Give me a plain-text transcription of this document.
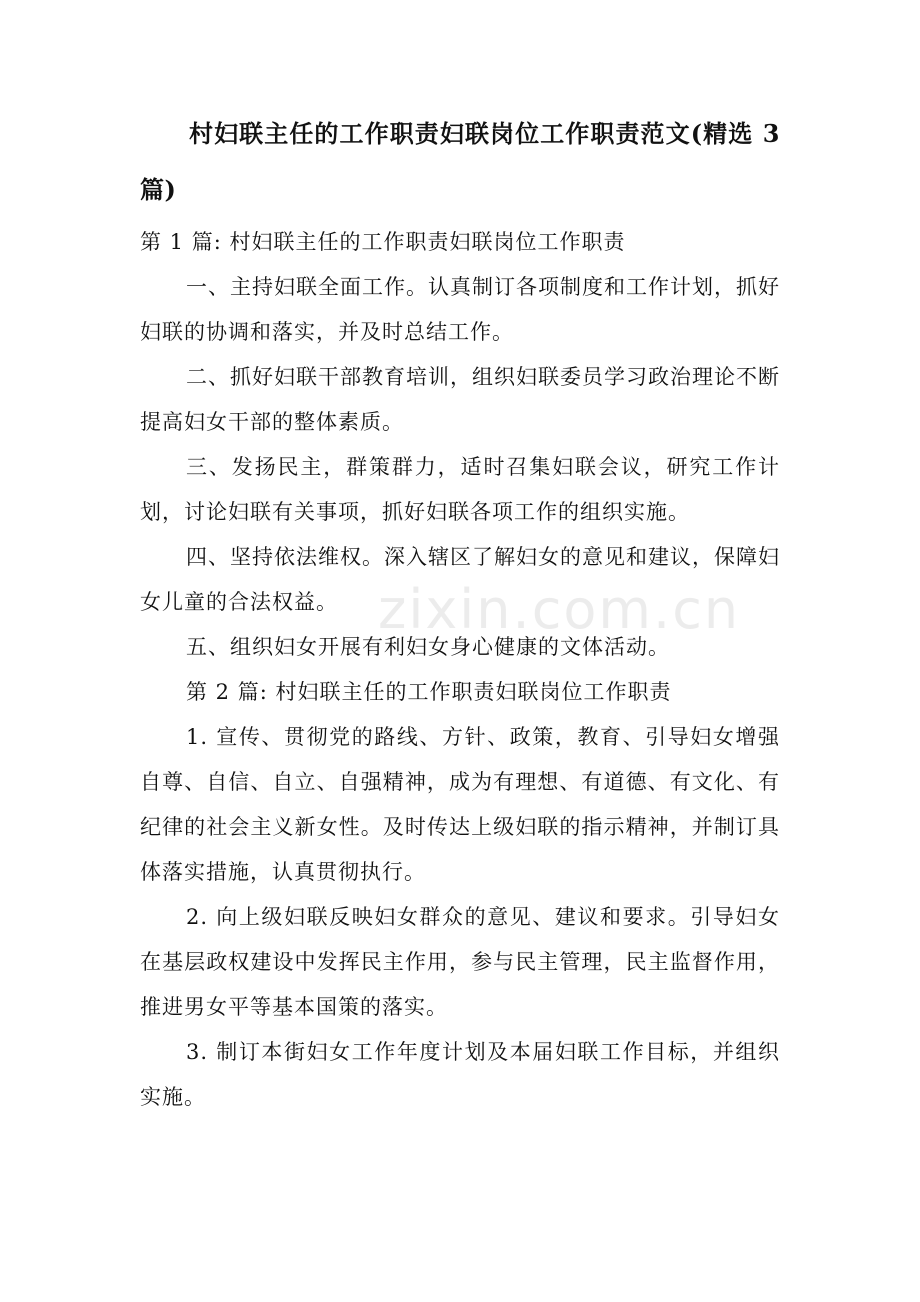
村妇联主任的工作职责妇联岗位工作职责范文(精选 3篇)

第 1 篇: 村妇联主任的工作职责妇联岗位工作职责

一、主持妇联全面工作。认真制订各项制度和工作计划，抓好妇联的协调和落实，并及时总结工作。

二、抓好妇联干部教育培训，组织妇联委员学习政治理论不断提高妇女干部的整体素质。

三、发扬民主，群策群力，适时召集妇联会议，研究工作计划，讨论妇联有关事项，抓好妇联各项工作的组织实施。

四、坚持依法维权。深入辖区了解妇女的意见和建议，保障妇女儿童的合法权益。

五、组织妇女开展有利妇女身心健康的文体活动。

第 2 篇: 村妇联主任的工作职责妇联岗位工作职责

1. 宣传、贯彻党的路线、方针、政策，教育、引导妇女增强自尊、自信、自立、自强精神，成为有理想、有道德、有文化、有纪律的社会主义新女性。及时传达上级妇联的指示精神，并制订具体落实措施，认真贯彻执行。

2. 向上级妇联反映妇女群众的意见、建议和要求。引导妇女在基层政权建设中发挥民主作用，参与民主管理，民主监督作用，推进男女平等基本国策的落实。

3. 制订本街妇女工作年度计划及本届妇联工作目标，并组织实施。

zixin.com.cn
